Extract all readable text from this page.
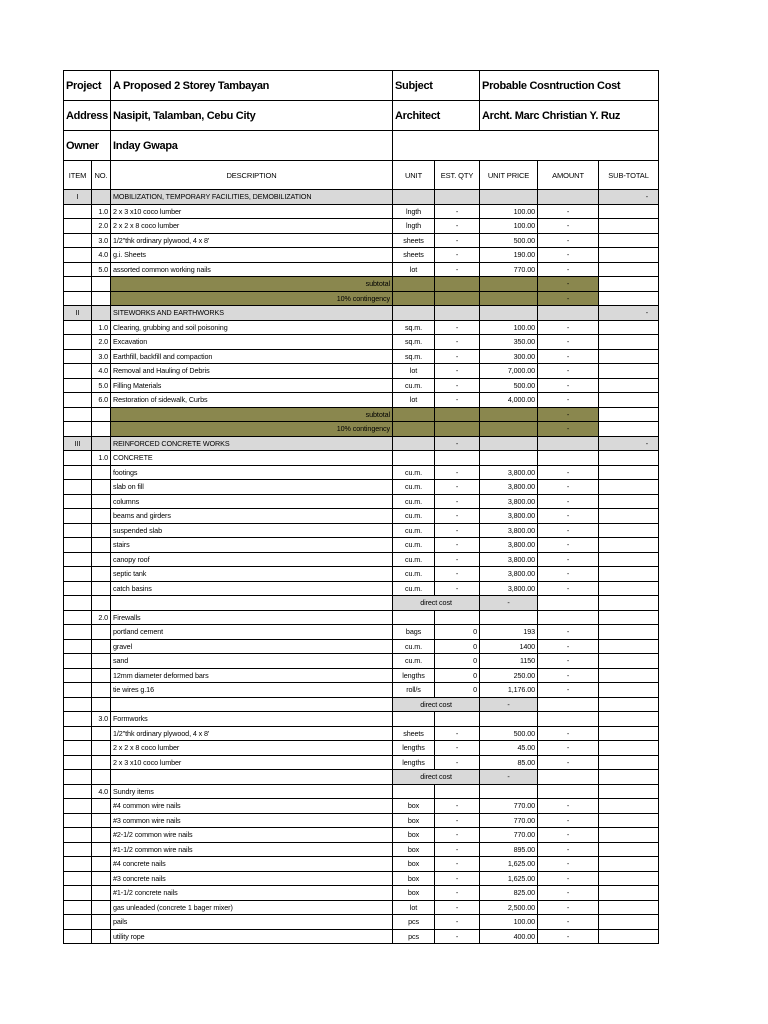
Project		A Proposed 2 Storey Tambayan	Subject		Probable Cosntruction Cost		
Address		Nasipit, Talamban, Cebu City	Architect		Archt. Marc Christian Y. Ruz		
Owner		Inday Gwapa					
ITEM	NO.	DESCRIPTION	UNIT	EST. QTY	UNIT PRICE	AMOUNT	SUB-TOTAL
I		MOBILIZATION, TEMPORARY FACILITIES, DEMOBILIZATION					-
	1.0	2 x 3 x10 coco lumber	lngth	-	100.00	-	
	2.0	2 x 2 x 8 coco lumber	lngth	-	100.00	-	
	3.0	1/2"thk ordinary plywood, 4 x 8'	sheets	-	500.00	-	
	4.0	g.i. Sheets	sheets	-	190.00	-	
	5.0	assorted common working nails	lot	-	770.00	-	
		subtotal				-	
		10% contingency				-	
II		SITEWORKS AND EARTHWORKS					-
	1.0	Clearing, grubbing and soil poisoning	sq.m.	-	100.00	-	
	2.0	Excavation	sq.m.	-	350.00	-	
	3.0	Earthfill, backfill and compaction	sq.m.	-	300.00	-	
	4.0	Removal and Hauling of Debris	lot	-	7,000.00	-	
	5.0	Filling Materials	cu.m.	-	500.00	-	
	6.0	Restoration of sidewalk, Curbs	lot	-	4,000.00	-	
		subtotal				-	
		10% contingency				-	
III		REINFORCED CONCRETE WORKS		-			-
	1.0	CONCRETE					
		footings	cu.m.	-	3,800.00	-	
		slab on fill	cu.m.	-	3,800.00	-	
		columns	cu.m.	-	3,800.00	-	
		beams and girders	cu.m.	-	3,800.00	-	
		suspended slab	cu.m.	-	3,800.00	-	
		stairs	cu.m.	-	3,800.00	-	
		canopy roof	cu.m.	-	3,800.00	-	
		septic tank	cu.m.	-	3,800.00	-	
		catch basins	cu.m.	-	3,800.00	-	
			direct cost		-		
	2.0	Firewalls					
		portland cement	bags	0	193	-	
		gravel	cu.m.	0	1400	-	
		sand	cu.m.	0	1150	-	
		12mm diameter deformed bars	lengths	0	250.00	-	
		tie wires g.16	roll/s	0	1,176.00	-	
			direct cost		-		
	3.0	Formworks					
		1/2"thk ordinary plywood, 4 x 8'	sheets	-	500.00	-	
		2 x 2 x 8 coco lumber	lengths	-	45.00	-	
		2 x 3 x10 coco lumber	lengths	-	85.00	-	
			direct cost		-		
	4.0	Sundry items					
		#4 common wire nails	box	-	770.00	-	
		#3 common wire nails	box	-	770.00	-	
		#2-1/2 common wire nails	box	-	770.00	-	
		#1-1/2 common wire nails	box	-	895.00	-	
		#4 concrete nails	box	-	1,625.00	-	
		#3 concrete nails	box	-	1,625.00	-	
		#1-1/2 concrete nails	box	-	825.00	-	
		gas unleaded (concrete 1 bager mixer)	lot	-	2,500.00	-	
		pails	pcs	-	100.00	-	
		utility rope	pcs	-	400.00	-	
